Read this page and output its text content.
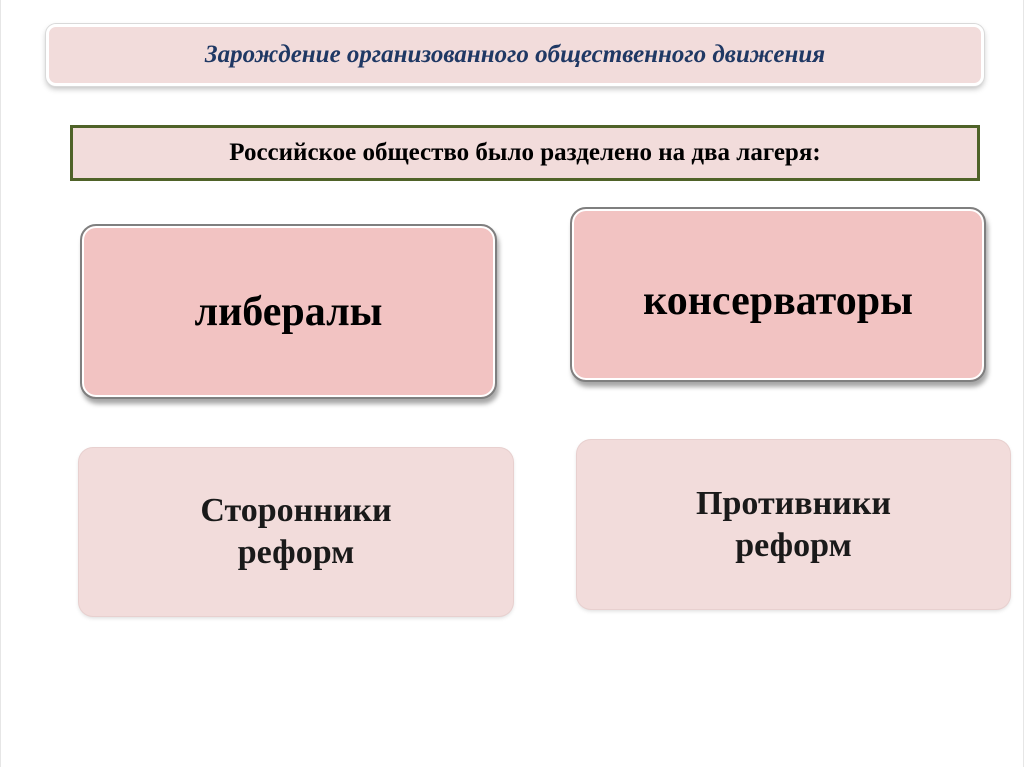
Зарождение организованного общественного движения
Российское общество было разделено на два лагеря:
либералы	консерваторы
Сторонники
реформ
Противники
реформ
